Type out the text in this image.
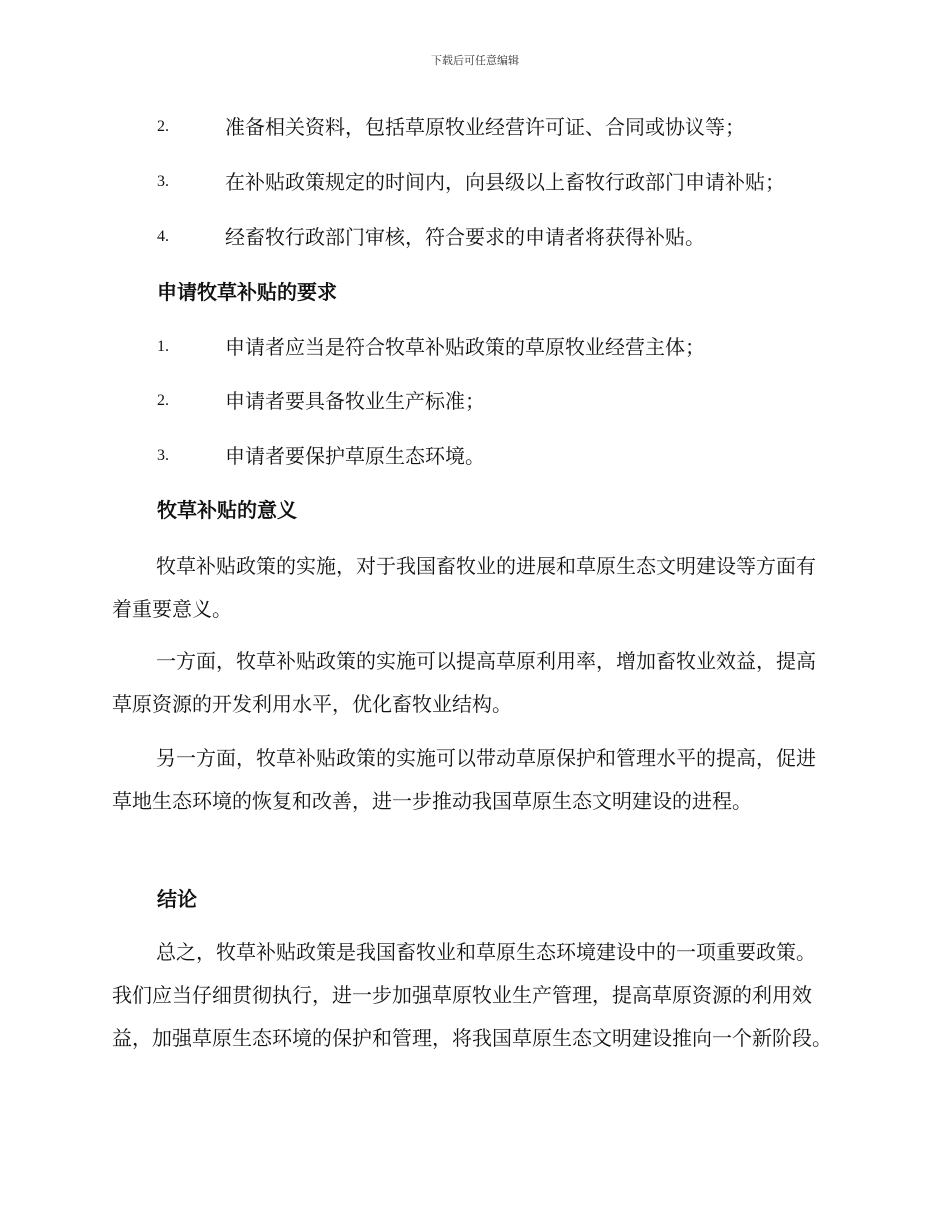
下载后可任意编辑
2.	准备相关资料，包括草原牧业经营许可证、合同或协议等；
3.	在补贴政策规定的时间内，向县级以上畜牧行政部门申请补贴；
4.	经畜牧行政部门审核，符合要求的申请者将获得补贴。
申请牧草补贴的要求
1.	申请者应当是符合牧草补贴政策的草原牧业经营主体；
2.	申请者要具备牧业生产标准；
3.	申请者要保护草原生态环境。
牧草补贴的意义

牧草补贴政策的实施，对于我国畜牧业的进展和草原生态文明建设等方面有着重要意义。

一方面，牧草补贴政策的实施可以提高草原利用率，增加畜牧业效益，提高草原资源的开发利用水平，优化畜牧业结构。

另一方面，牧草补贴政策的实施可以带动草原保护和管理水平的提高，促进草地生态环境的恢复和改善，进一步推动我国草原生态文明建设的进程。

结论

总之，牧草补贴政策是我国畜牧业和草原生态环境建设中的一项重要政策。我们应当仔细贯彻执行，进一步加强草原牧业生产管理，提高草原资源的利用效益，加强草原生态环境的保护和管理，将我国草原生态文明建设推向一个新阶段。
